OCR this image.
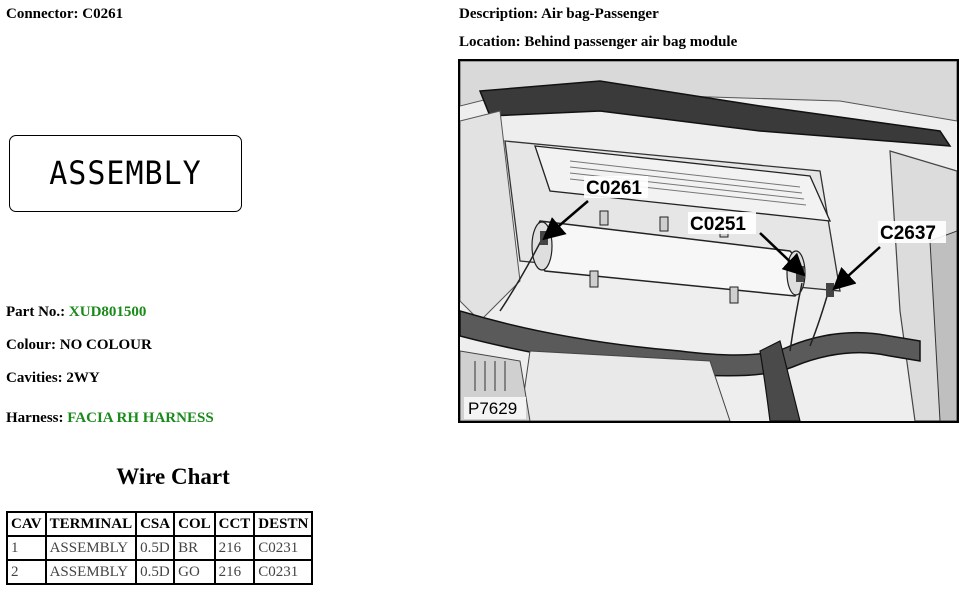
Connector: C0261	Description: Air bag-Passenger
Location: Behind passenger air bag module
ASSEMBLY
Part No.: XUD801500
Colour: NO COLOUR
Cavities: 2WY
Harness: FACIA RH HARNESS
Wire Chart
CAV	TERMINAL	CSA	COL	CCT	DESTN
1	ASSEMBLY	0.5D	BR	216	C0231
2	ASSEMBLY	0.5D	GO	216	C0231
C0261
C0251	C2637
P7629
